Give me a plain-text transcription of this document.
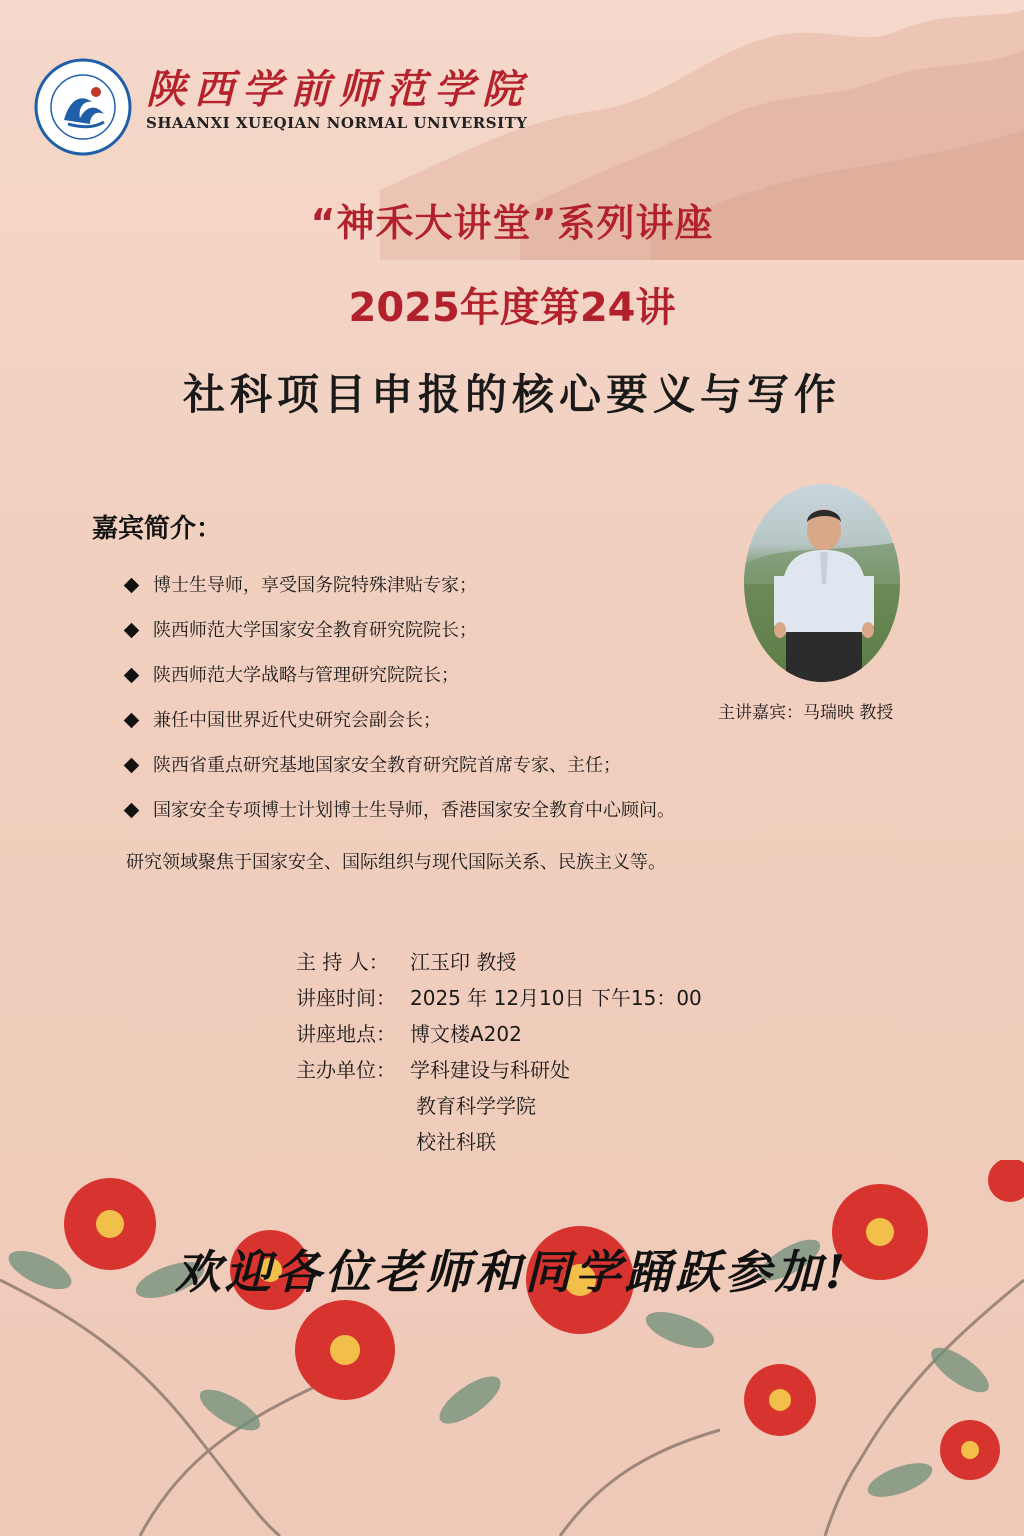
陕西学前师范学院

SHAANXI XUEQIAN NORMAL UNIVERSITY

“神禾大讲堂”系列讲座
2025年度第24讲
社科项目申报的核心要义与写作
嘉宾简介：
博士生导师，享受国务院特殊津贴专家；
陕西师范大学国家安全教育研究院院长；
陕西师范大学战略与管理研究院院长；
兼任中国世界近代史研究会副会长；
陕西省重点研究基地国家安全教育研究院首席专家、主任；
国家安全专项博士计划博士生导师，香港国家安全教育中心顾问。

研究领域聚焦于国家安全、国际组织与现代国际关系、民族主义等。

主讲嘉宾：马瑞映 教授

主 持 人： 江玉印 教授
讲座时间： 2025 年 12月10日 下午15：00
讲座地点： 博文楼A202
主办单位： 学科建设与科研处
教育科学学院
校社科联

欢迎各位老师和同学踊跃参加!
